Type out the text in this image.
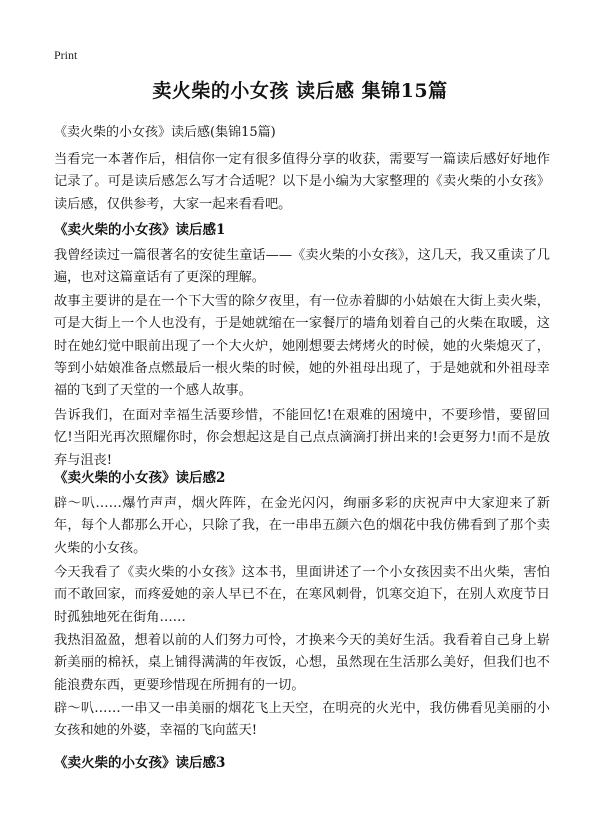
Print
卖火柴的小女孩 读后感 集锦15篇
《卖火柴的小女孩》读后感(集锦15篇)
当看完一本著作后，相信你一定有很多值得分享的收获，需要写一篇读后感好好地作记录了。可是读后感怎么写才合适呢？以下是小编为大家整理的《卖火柴的小女孩》读后感，仅供参考，大家一起来看看吧。
《卖火柴的小女孩》读后感1
我曾经读过一篇很著名的安徒生童话——《卖火柴的小女孩》，这几天，我又重读了几遍，也对这篇童话有了更深的理解。
故事主要讲的是在一个下大雪的除夕夜里，有一位赤着脚的小姑娘在大街上卖火柴，可是大街上一个人也没有，于是她就缩在一家餐厅的墙角划着自己的火柴在取暖，这时在她幻觉中眼前出现了一个大火炉，她刚想要去烤烤火的时候，她的火柴熄灭了，等到小姑娘准备点燃最后一根火柴的时候，她的外祖母出现了，于是她就和外祖母幸福的飞到了天堂的一个感人故事。
告诉我们，在面对幸福生活要珍惜，不能回忆!在艰难的困境中，不要珍惜，要留回忆!当阳光再次照耀你时，你会想起这是自己点点滴滴打拼出来的!会更努力!而不是放弃与沮丧!
《卖火柴的小女孩》读后感2
辟～叭……爆竹声声，烟火阵阵，在金光闪闪，绚丽多彩的庆祝声中大家迎来了新年，每个人都那么开心，只除了我，在一串串五颜六色的烟花中我仿佛看到了那个卖火柴的小女孩。
今天我看了《卖火柴的小女孩》这本书，里面讲述了一个小女孩因卖不出火柴，害怕而不敢回家，而疼爱她的亲人早已不在，在寒风刺骨，饥寒交迫下，在别人欢度节日时孤独地死在街角……
我热泪盈盈，想着以前的人们努力可怜，才换来今天的美好生活。我看着自己身上崭新美丽的棉袄，桌上铺得满满的年夜饭，心想，虽然现在生活那么美好，但我们也不能浪费东西，更要珍惜现在所拥有的一切。
辟～叭……一串又一串美丽的烟花飞上天空，在明亮的火光中，我仿佛看见美丽的小女孩和她的外婆，幸福的飞向蓝天!
《卖火柴的小女孩》读后感3
